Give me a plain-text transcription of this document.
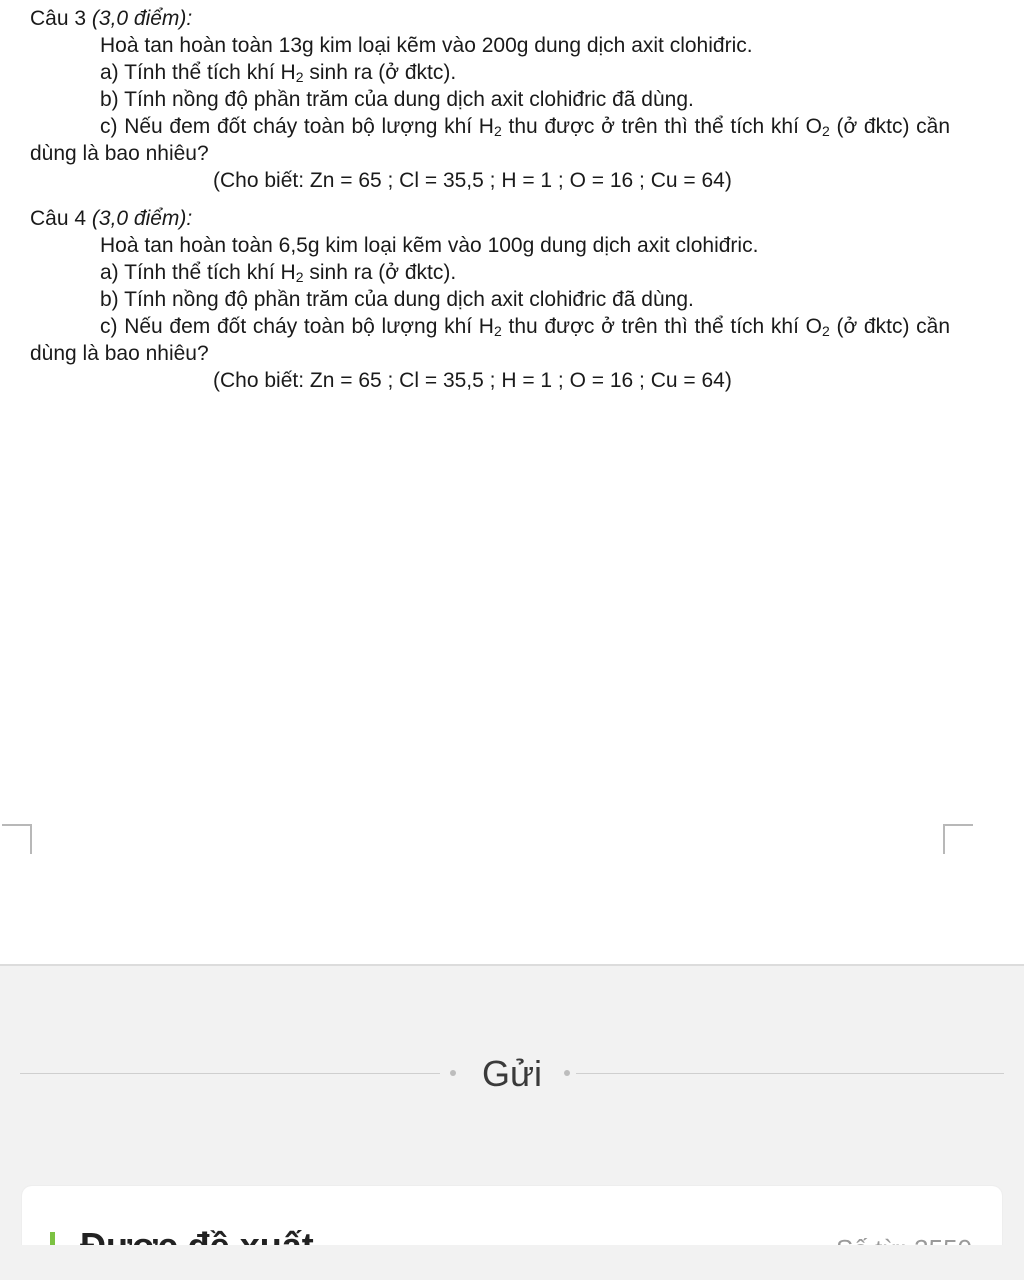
Câu 3 (3,0 điểm):

Hoà tan hoàn toàn 13g kim loại kẽm vào 200g dung dịch axit clohiđric.

a) Tính thể tích khí $H_2$ sinh ra (ở đktc).

b) Tính nồng độ phần trăm của dung dịch axit clohiđric đã dùng.

c) Nếu đem đốt cháy toàn bộ lượng khí $H_2$ thu được ở trên thì thể tích khí $O_2$ (ở đktc) cần dùng là bao nhiêu?

(Cho biết: Zn = 65 ; Cl = 35,5 ; H = 1 ; O = 16 ; Cu = 64)

Câu 4 (3,0 điểm):

Hoà tan hoàn toàn 6,5g kim loại kẽm vào 100g dung dịch axit clohiđric.

a) Tính thể tích khí $H_2$ sinh ra (ở đktc).

b) Tính nồng độ phần trăm của dung dịch axit clohiđric đã dùng.

c) Nếu đem đốt cháy toàn bộ lượng khí $H_2$ thu được ở trên thì thể tích khí $O_2$ (ở đktc) cần dùng là bao nhiêu?

(Cho biết: Zn = 65 ; Cl = 35,5 ; H = 1 ; O = 16 ; Cu = 64)

Gửi
